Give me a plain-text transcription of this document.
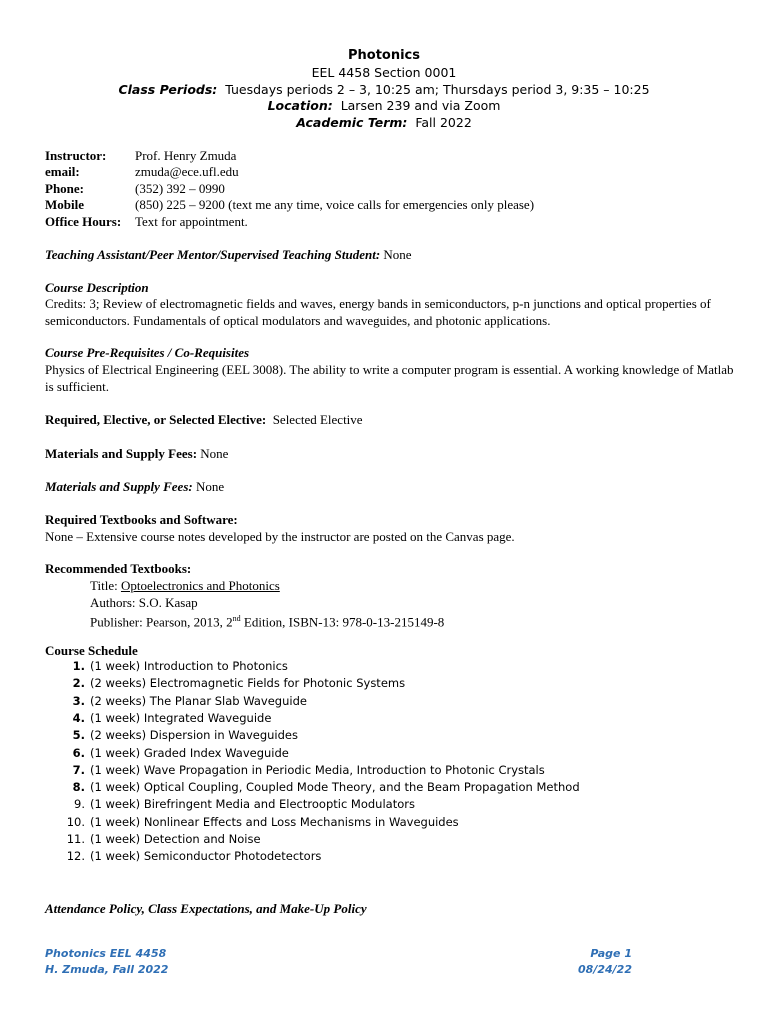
Photonics
EEL 4458 Section 0001
Class Periods: Tuesdays periods 2 – 3, 10:25 am; Thursdays period 3, 9:35 – 10:25
Location: Larsen 239 and via Zoom
Academic Term: Fall 2022
Instructor: Prof. Henry Zmuda
email:	zmuda@ece.ufl.edu
Phone:	(352) 392 – 0990
Mobile	(850) 225 – 9200 (text me any time, voice calls for emergencies only please)
Office Hours: Text for appointment.
Teaching Assistant/Peer Mentor/Supervised Teaching Student: None
Course Description
Credits: 3; Review of electromagnetic fields and waves, energy bands in semiconductors, p-n junctions and optical properties of semiconductors. Fundamentals of optical modulators and waveguides, and photonic applications.
Course Pre-Requisites / Co-Requisites
Physics of Electrical Engineering (EEL 3008). The ability to write a computer program is essential. A working knowledge of Matlab is sufficient.
Required, Elective, or Selected Elective: Selected Elective
Materials and Supply Fees: None
Materials and Supply Fees: None
Required Textbooks and Software:
None – Extensive course notes developed by the instructor are posted on the Canvas page.
Recommended Textbooks:
Title: Optoelectronics and Photonics
Authors: S.O. Kasap
Publisher: Pearson, 2013, 2nd Edition, ISBN-13: 978-0-13-215149-8
Course Schedule
1. (1 week) Introduction to Photonics
2. (2 weeks) Electromagnetic Fields for Photonic Systems
3. (2 weeks) The Planar Slab Waveguide
4. (1 week) Integrated Waveguide
5. (2 weeks) Dispersion in Waveguides
6. (1 week) Graded Index Waveguide
7. (1 week) Wave Propagation in Periodic Media, Introduction to Photonic Crystals
8. (1 week) Optical Coupling, Coupled Mode Theory, and the Beam Propagation Method
9. (1 week) Birefringent Media and Electrooptic Modulators
10. (1 week) Nonlinear Effects and Loss Mechanisms in Waveguides
11. (1 week) Detection and Noise
12. (1 week) Semiconductor Photodetectors
Attendance Policy, Class Expectations, and Make-Up Policy
Photonics EEL 4458
H. Zmuda, Fall 2022
Page 1
08/24/22
